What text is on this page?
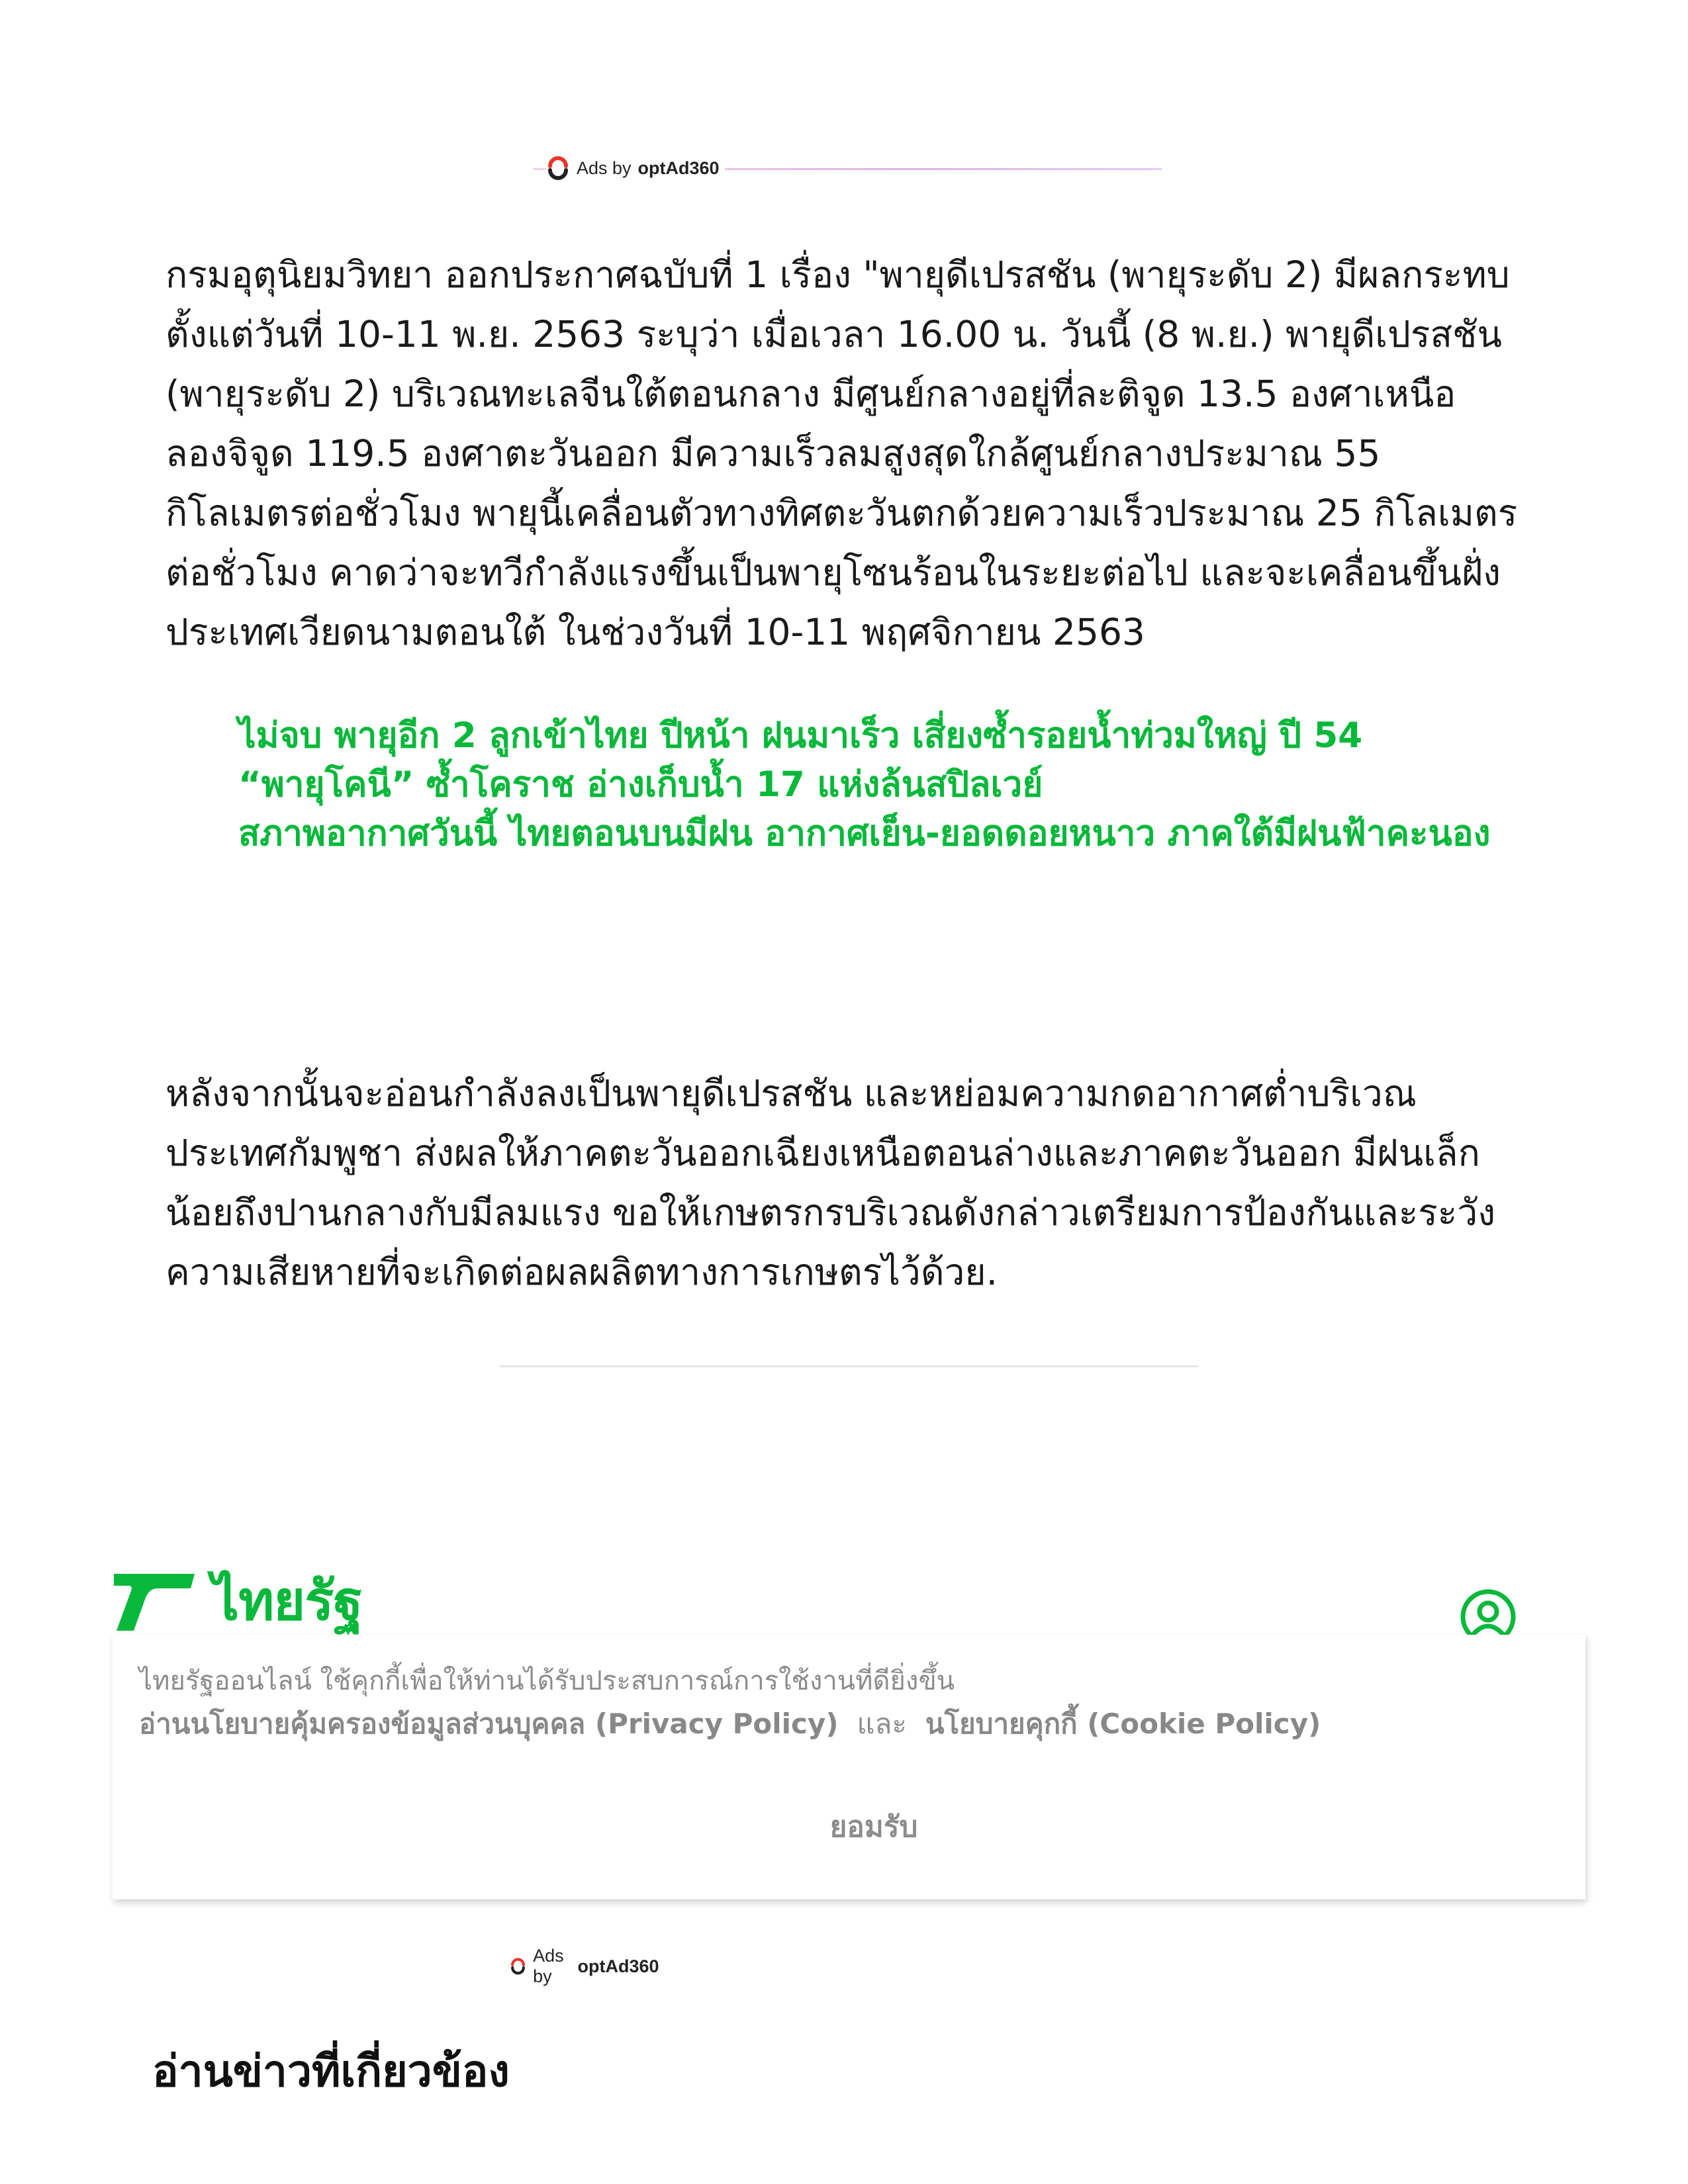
Ads by optAd360

กรมอุตุนิยมวิทยา ออกประกาศฉบับที่ 1 เรื่อง "พายุดีเปรสชัน (พายุระดับ 2) มีผลกระทบตั้งแต่วันที่ 10-11 พ.ย. 2563 ระบุว่า เมื่อเวลา 16.00 น. วันนี้ (8 พ.ย.) พายุดีเปรสชัน (พายุระดับ 2) บริเวณทะเลจีนใต้ตอนกลาง มีศูนย์กลางอยู่ที่ละติจูด 13.5 องศาเหนือ ลองจิจูด 119.5 องศาตะวันออก มีความเร็วลมสูงสุดใกล้ศูนย์กลางประมาณ 55 กิโลเมตรต่อชั่วโมง พายุนี้เคลื่อนตัวทางทิศตะวันตกด้วยความเร็วประมาณ 25 กิโลเมตรต่อชั่วโมง คาดว่าจะทวีกำลังแรงขึ้นเป็นพายุโซนร้อนในระยะต่อไป และจะเคลื่อนขึ้นฝั่งประเทศเวียดนามตอนใต้ ในช่วงวันที่ 10-11 พฤศจิกายน 2563

ไม่จบ พายุอีก 2 ลูกเข้าไทย ปีหน้า ฝนมาเร็ว เสี่ยงซ้ำรอยน้ำท่วมใหญ่ ปี 54
“พายุโคนี” ซ้ำโคราช อ่างเก็บน้ำ 17 แห่งล้นสปิลเวย์
สภาพอากาศวันนี้ ไทยตอนบนมีฝน อากาศเย็น-ยอดดอยหนาว ภาคใต้มีฝนฟ้าคะนอง

หลังจากนั้นจะอ่อนกำลังลงเป็นพายุดีเปรสชัน และหย่อมความกดอากาศต่ำบริเวณประเทศกัมพูชา ส่งผลให้ภาคตะวันออกเฉียงเหนือตอนล่างและภาคตะวันออก มีฝนเล็กน้อยถึงปานกลางกับมีลมแรง ขอให้เกษตรกรบริเวณดังกล่าวเตรียมการป้องกันและระวังความเสียหายที่จะเกิดต่อผลผลิตทางการเกษตรไว้ด้วย.

ไทยรัฐ
ไทยรัฐออนไลน์ ใช้คุกกี้เพื่อให้ท่านได้รับประสบการณ์การใช้งานที่ดียิ่งขึ้น
อ่านนโยบายคุ้มครองข้อมูลส่วนบุคคล (Privacy Policy) และ นโยบายคุกกี้ (Cookie Policy)
ยอมรับ
Ads by
optAd360
อ่านข่าวที่เกี่ยวข้อง
